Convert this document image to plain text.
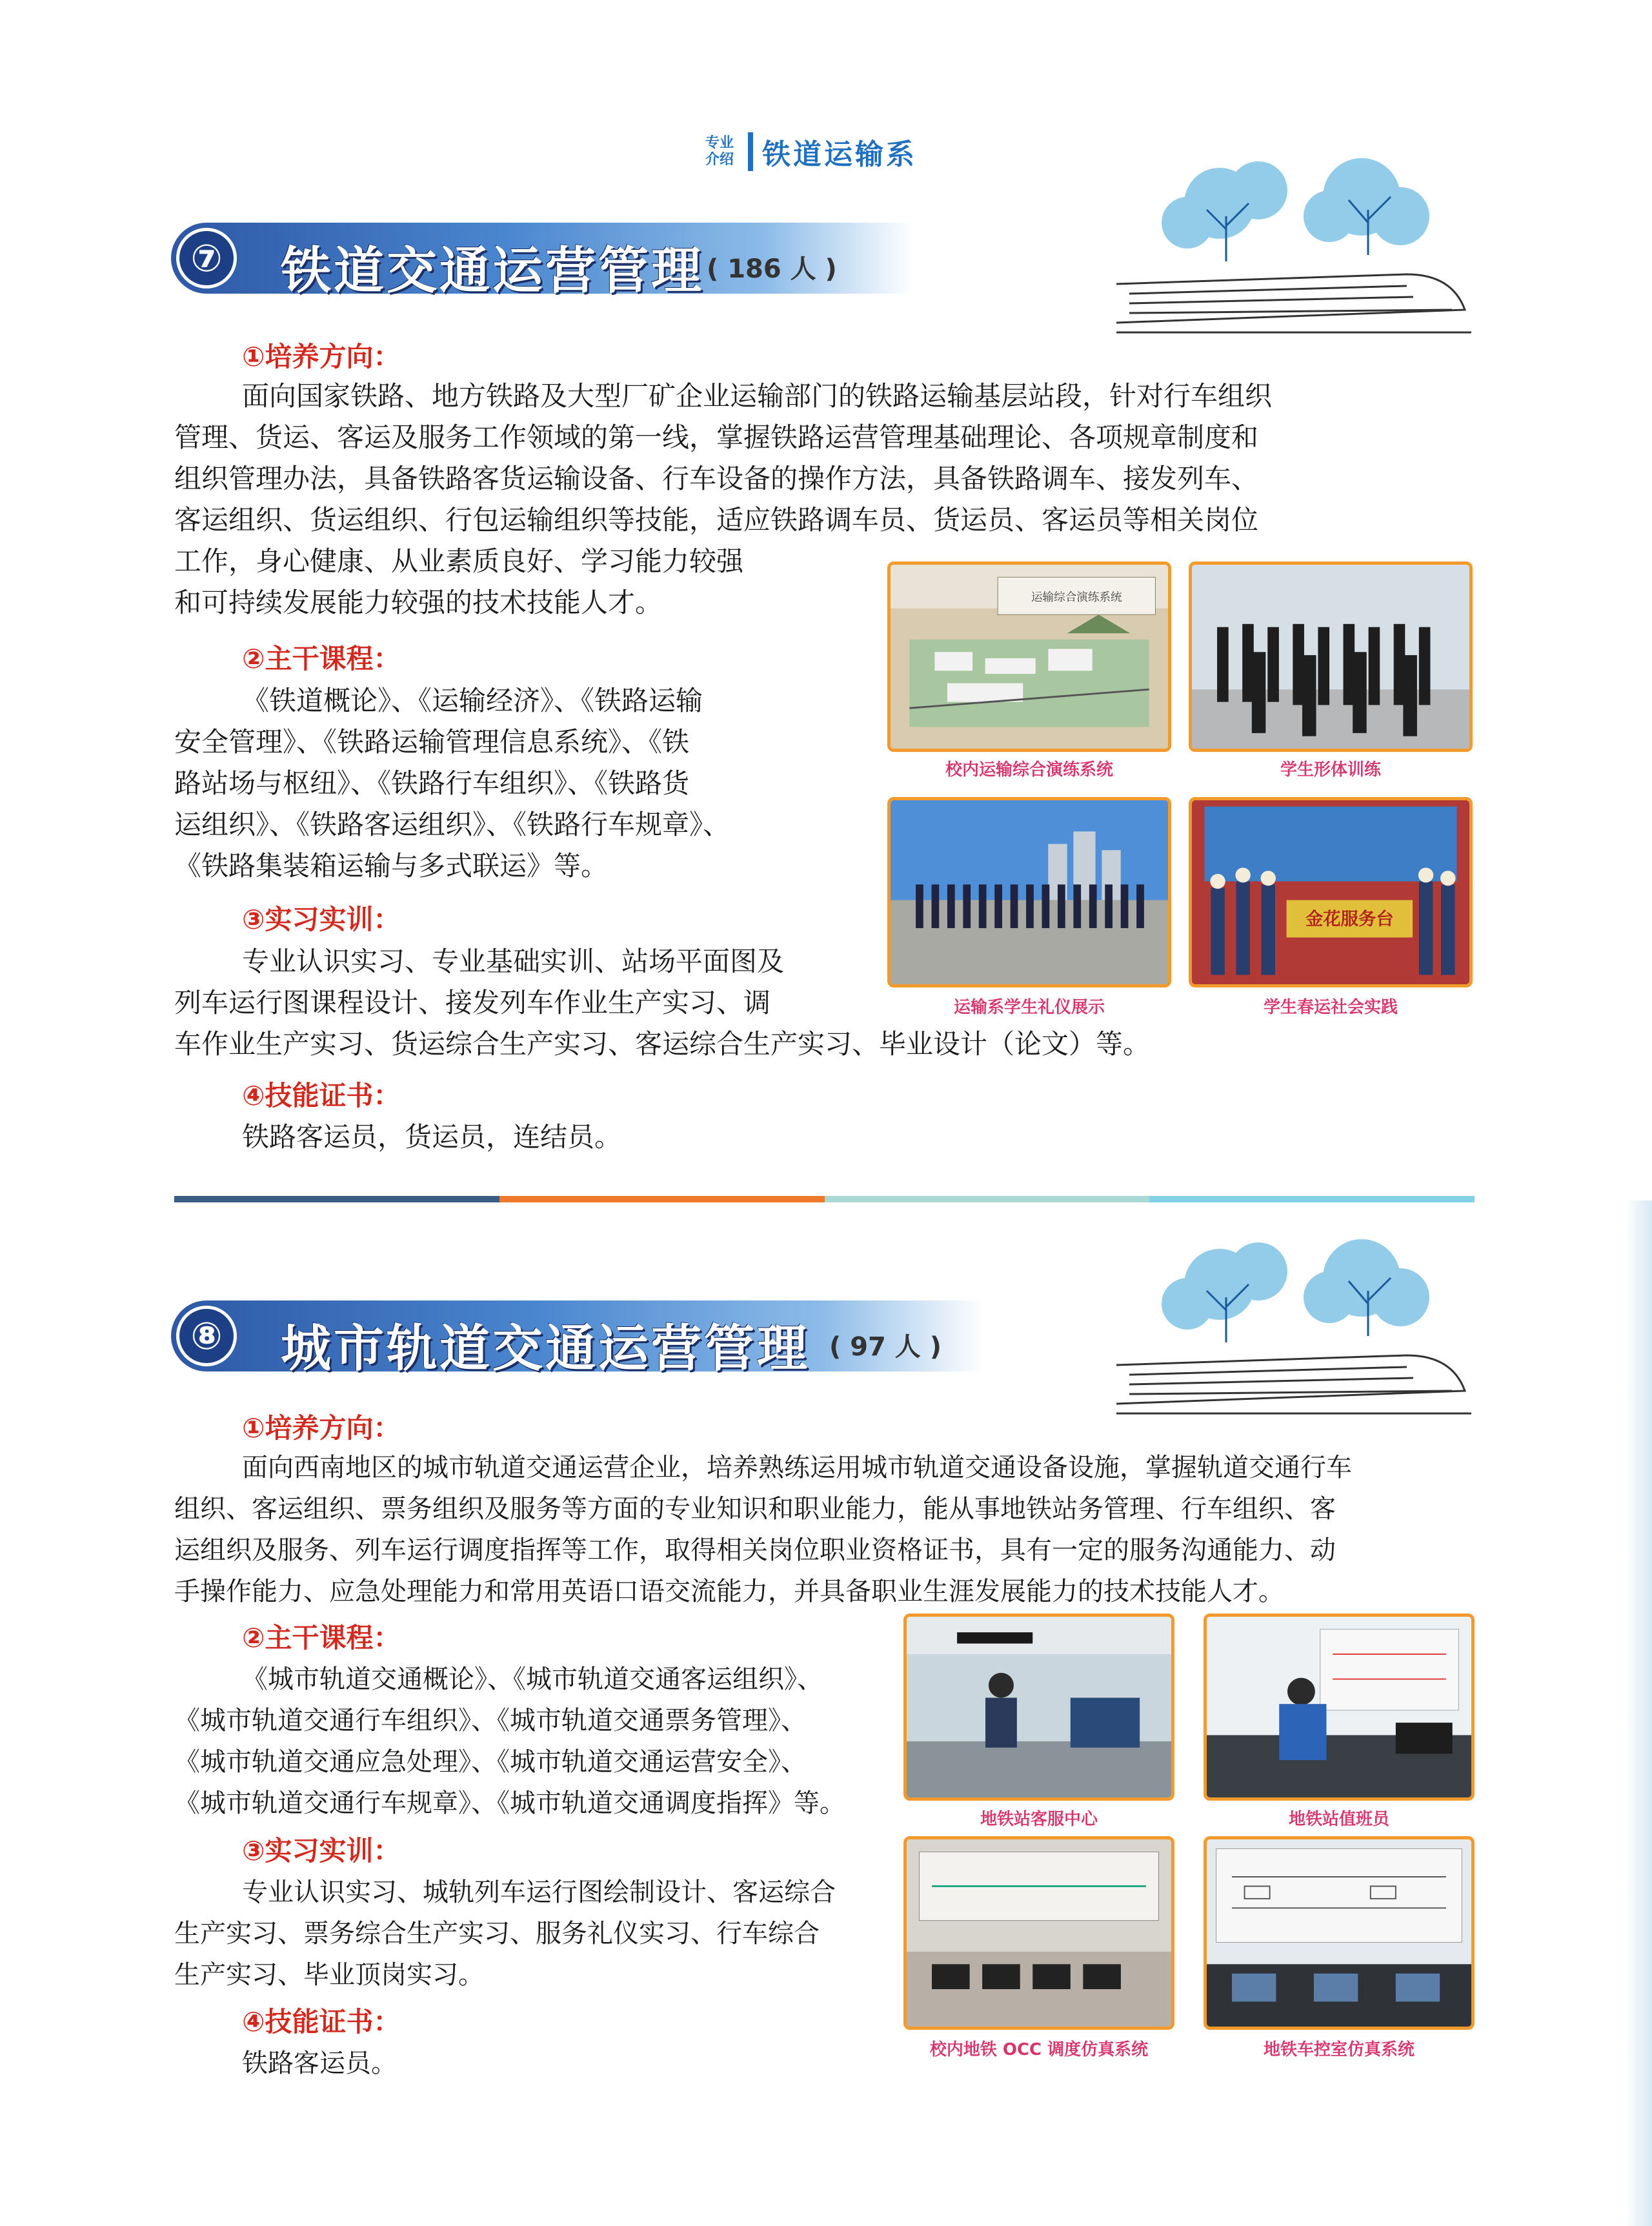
专业
介绍 铁道运输系
⑦ 铁道交通运营管理 ( 186 人 )
①培养方向：
面向国家铁路、地方铁路及大型厂矿企业运输部门的铁路运输基层站段，针对行车组织
管理、货运、客运及服务工作领域的第一线，掌握铁路运营管理基础理论、各项规章制度和
组织管理办法，具备铁路客货运输设备、行车设备的操作方法，具备铁路调车、接发列车、
客运组织、货运组织、行包运输组织等技能，适应铁路调车员、货运员、客运员等相关岗位
工作，身心健康、从业素质良好、学习能力较强
和可持续发展能力较强的技术技能人才。
②主干课程：
《铁道概论》、《运输经济》、《铁路运输
安全管理》、《铁路运输管理信息系统》、《铁
路站场与枢纽》、《铁路行车组织》、《铁路货
运组织》、《铁路客运组织》、《铁路行车规章》、
《铁路集装箱运输与多式联运》等。
③实习实训：
专业认识实习、专业基础实训、站场平面图及
列车运行图课程设计、接发列车作业生产实习、调
车作业生产实习、货运综合生产实习、客运综合生产实习、毕业设计（论文）等。
④技能证书：
铁路客运员，货运员，连结员。
运输综合演练系统
校内运输综合演练系统	学生形体训练
运输系学生礼仪展示
金花服务台
学生春运社会实践
⑧ 城市轨道交通运营管理 ( 97 人 )
①培养方向：
面向西南地区的城市轨道交通运营企业，培养熟练运用城市轨道交通设备设施，掌握轨道交通行车
组织、客运组织、票务组织及服务等方面的专业知识和职业能力，能从事地铁站务管理、行车组织、客
运组织及服务、列车运行调度指挥等工作，取得相关岗位职业资格证书，具有一定的服务沟通能力、动
手操作能力、应急处理能力和常用英语口语交流能力，并具备职业生涯发展能力的技术技能人才。
②主干课程：
《城市轨道交通概论》、《城市轨道交通客运组织》、
《城市轨道交通行车组织》、《城市轨道交通票务管理》、
《城市轨道交通应急处理》、《城市轨道交通运营安全》、
《城市轨道交通行车规章》、《城市轨道交通调度指挥》等。
③实习实训：
专业认识实习、城轨列车运行图绘制设计、客运综合
生产实习、票务综合生产实习、服务礼仪实习、行车综合
生产实习、毕业顶岗实习。
④技能证书：
铁路客运员。
地铁站客服中心	地铁站值班员
校内地铁 OCC 调度仿真系统	地铁车控室仿真系统
